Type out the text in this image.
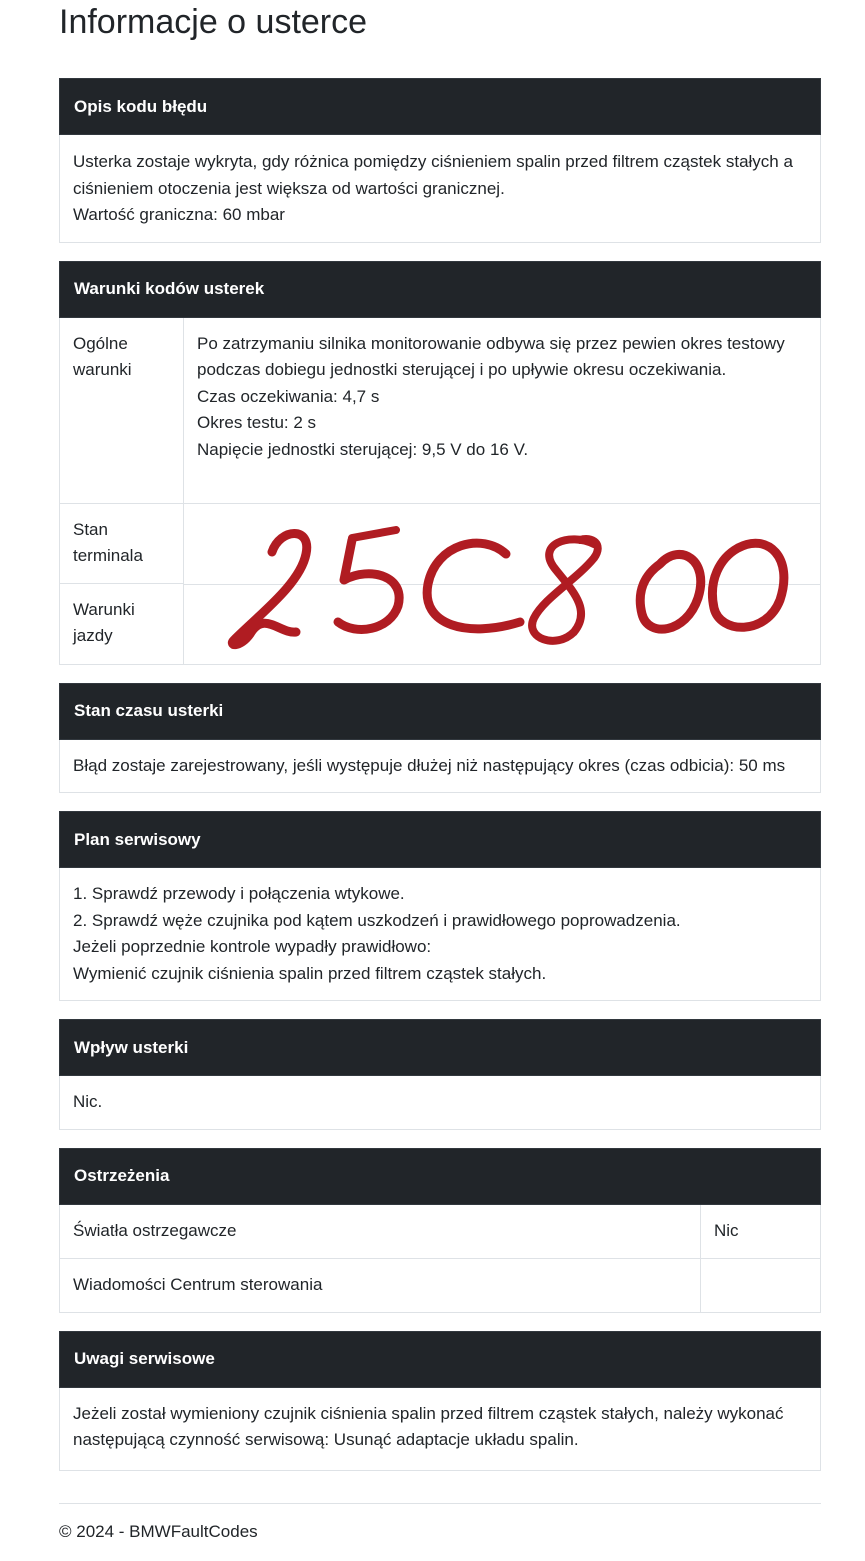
Informacje o usterce
Opis kodu błędu
Usterka zostaje wykryta, gdy różnica pomiędzy ciśnieniem spalin przed filtrem cząstek stałych a ciśnieniem otoczenia jest większa od wartości granicznej.
Wartość graniczna: 60 mbar
Warunki kodów usterek	
Ogólne warunki	Po zatrzymaniu silnika monitorowanie odbywa się przez pewien okres testowy podczas dobiegu jednostki sterującej i po upływie okresu oczekiwania.
Czas oczekiwania: 4,7 s
Okres testu: 2 s
Napięcie jednostki sterującej: 9,5 V do 16 V.
Stan terminala	

Warunki jazdy	
Stan czasu usterki
Błąd zostaje zarejestrowany, jeśli występuje dłużej niż następujący okres (czas odbicia): 50 ms
Plan serwisowy
1. Sprawdź przewody i połączenia wtykowe.
2. Sprawdź węże czujnika pod kątem uszkodzeń i prawidłowego poprowadzenia.
Jeżeli poprzednie kontrole wypadły prawidłowo:
Wymienić czujnik ciśnienia spalin przed filtrem cząstek stałych.
Wpływ usterki
Nic.
Ostrzeżenia	
Światła ostrzegawcze	Nic
Wiadomości Centrum sterowania	
Uwagi serwisowe
Jeżeli został wymieniony czujnik ciśnienia spalin przed filtrem cząstek stałych, należy wykonać następującą czynność serwisową: Usunąć adaptacje układu spalin.
© 2024 - BMWFaultCodes
